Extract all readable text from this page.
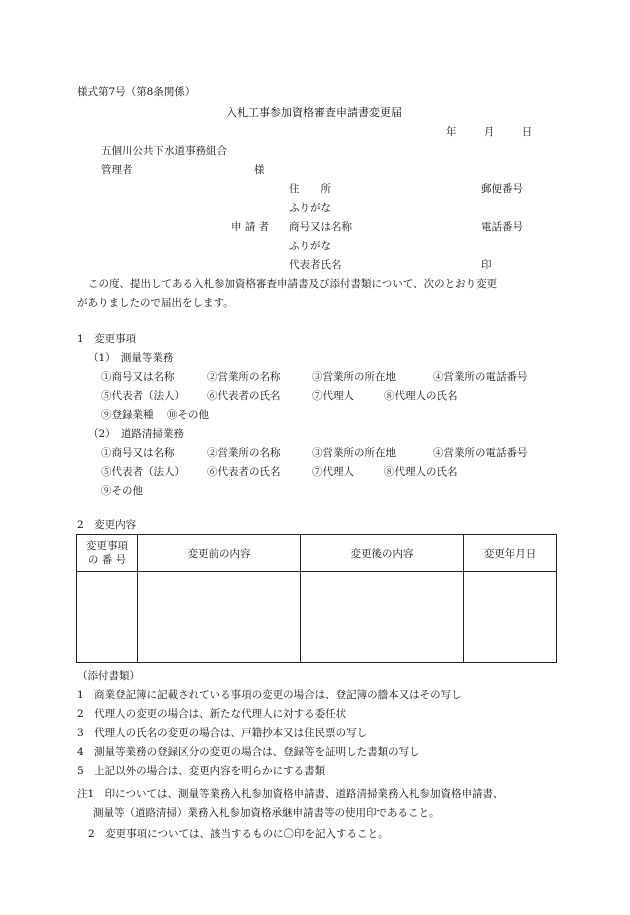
様式第7号（第8条関係）
入札工事参加資格審査申請書変更届
年	月	日
五個川公共下水道事務組合
管理者	様
住　　所	郵便番号
ふりがな
申 請 者 商号又は名称	電話番号
ふりがな
代表者氏名	印
この度、提出してある入札参加資格審査申請書及び添付書類について、次のとおり変更
がありましたので届出をします。
1　変更事項
（1）　測量等業務
①商号又は名称	②営業所の名称	③営業所の所在地	④営業所の電話番号
⑤代表者（法人） ⑥代表者の氏名	⑦代理人	⑧代理人の氏名
⑨登録業種 ⑩その他
（2）　道路清掃業務
①商号又は名称	②営業所の名称	③営業所の所在地	④営業所の電話番号
⑤代表者（法人） ⑥代表者の氏名	⑦代理人	⑧代理人の氏名
⑨その他
2　変更内容
変更事項
の 番 号	変更前の内容	変更後の内容	変更年月日

（添付書類）
1　商業登記簿に記載されている事項の変更の場合は、登記簿の謄本又はその写し
2　代理人の変更の場合は、新たな代理人に対する委任状
3　代理人の氏名の変更の場合は、戸籍抄本又は住民票の写し
4　測量等業務の登録区分の変更の場合は、登録等を証明した書類の写し
5　上記以外の場合は、変更内容を明らかにする書類
注1　印については、測量等業務入札参加資格申請書、道路清掃業務入札参加資格申請書、
測量等（道路清掃）業務入札参加資格承継申請書等の使用印であること。
2　変更事項については、該当するものに〇印を記入すること。
